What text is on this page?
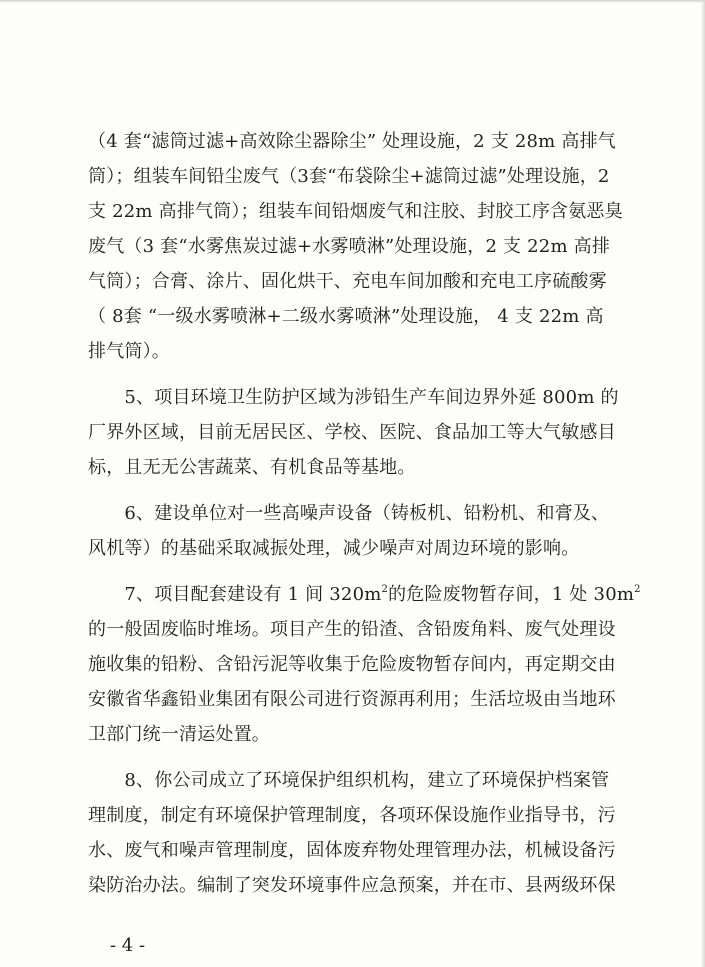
（4 套“滤筒过滤+高效除尘器除尘” 处理设施，2 支 28m 高排气
筒）；组装车间铅尘废气（3套“布袋除尘+滤筒过滤”处理设施，2
支 22m 高排气筒）；组装车间铅烟废气和注胶、封胶工序含氨恶臭
废气（3 套“水雾焦炭过滤+水雾喷淋”处理设施，2 支 22m 高排
气筒）；合膏、涂片、固化烘干、充电车间加酸和充电工序硫酸雾
（ 8套 “一级水雾喷淋+二级水雾喷淋”处理设施， 4 支 22m 高
排气筒）。
　　5、项目环境卫生防护区域为涉铅生产车间边界外延 800m 的
厂界外区域，目前无居民区、学校、医院、食品加工等大气敏感目
标，且无无公害蔬菜、有机食品等基地。
　　6、建设单位对一些高噪声设备（铸板机、铅粉机、和膏及、
风机等）的基础采取减振处理，减少噪声对周边环境的影响。
　　7、项目配套建设有 1 间 $320m^2$的危险废物暂存间，1 处 $30m^2$
的一般固废临时堆场。项目产生的铅渣、含铅废角料、废气处理设
施收集的铅粉、含铅污泥等收集于危险废物暂存间内，再定期交由
安徽省华鑫铅业集团有限公司进行资源再利用；生活垃圾由当地环
卫部门统一清运处置。
　　8、你公司成立了环境保护组织机构，建立了环境保护档案管
理制度，制定有环境保护管理制度，各项环保设施作业指导书，污
水、废气和噪声管理制度，固体废弃物处理管理办法，机械设备污
染防治办法。编制了突发环境事件应急预案，并在市、县两级环保
- 4 -
